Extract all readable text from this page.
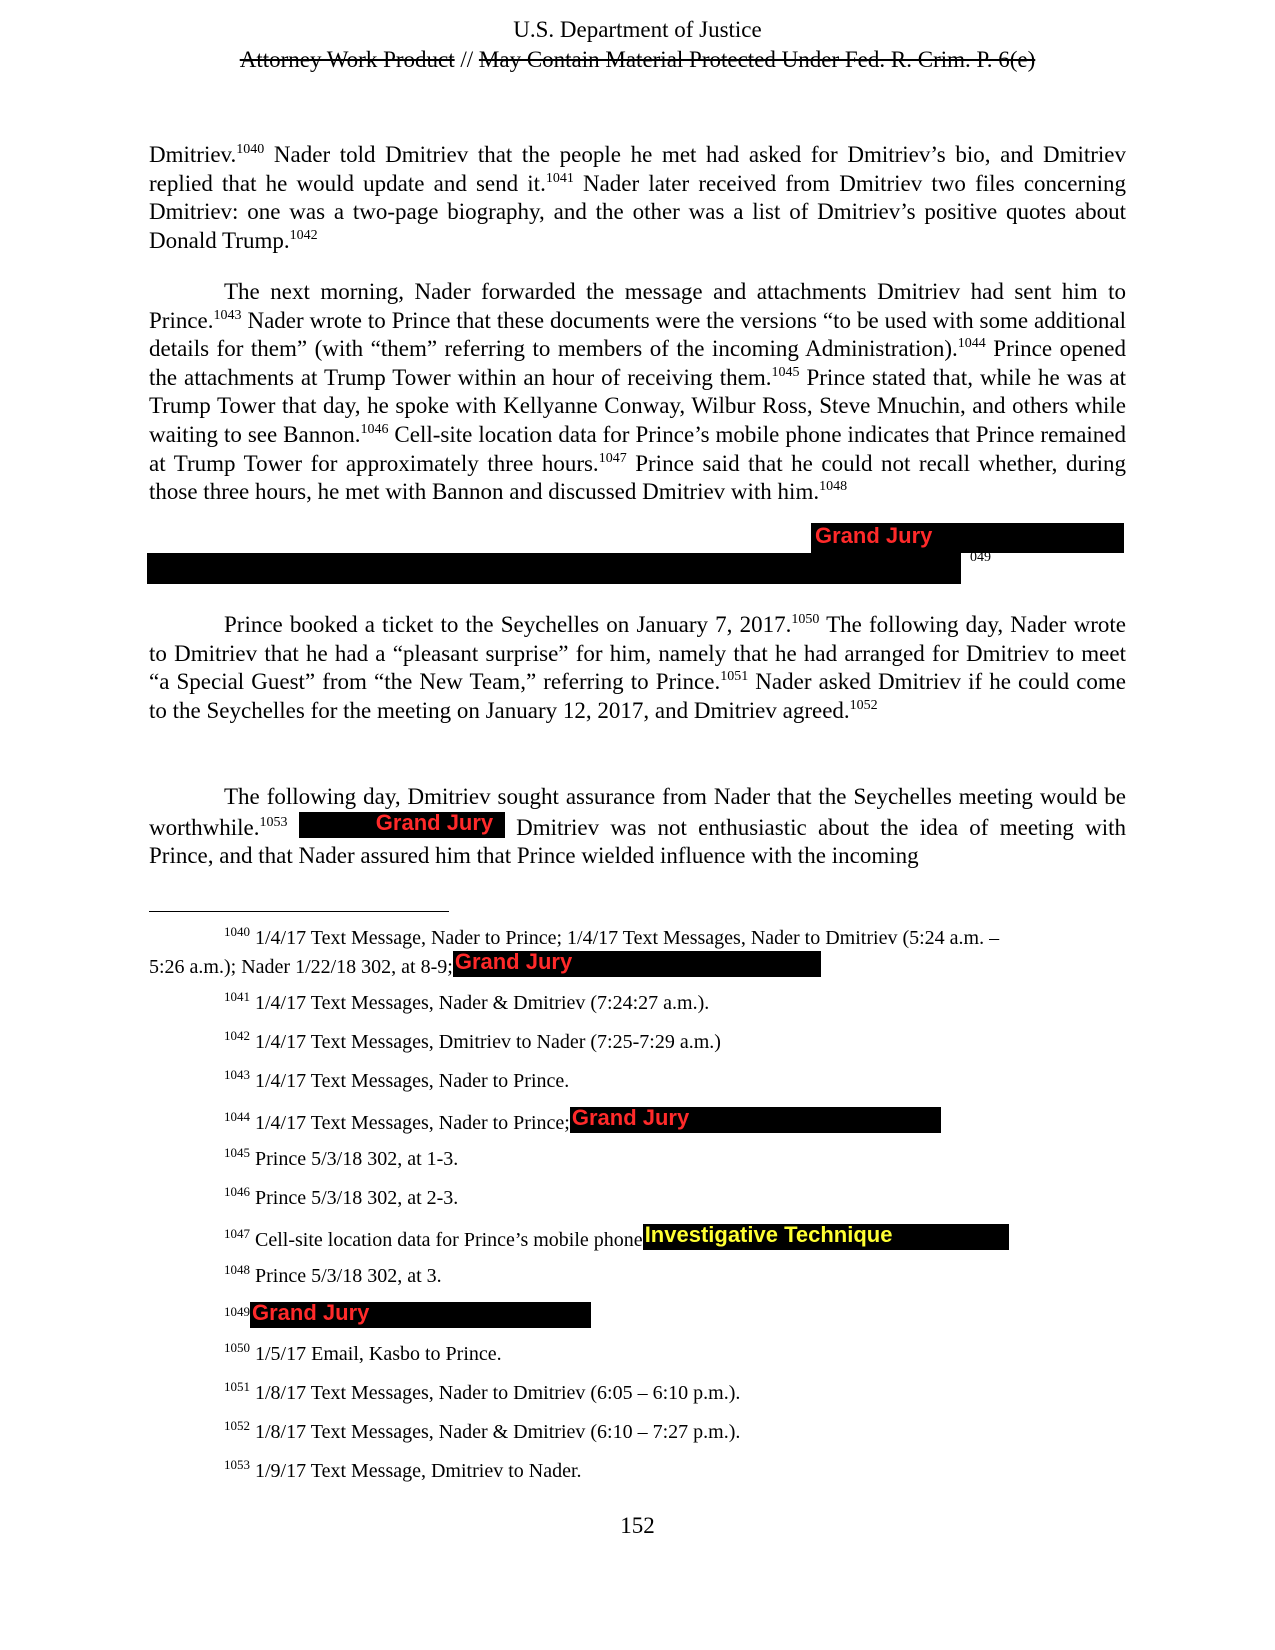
U.S. Department of Justice
Attorney Work Product // May Contain Material Protected Under Fed. R. Crim. P. 6(e)

Dmitriev.$^{1040}$ Nader told Dmitriev that the people he met had asked for Dmitriev’s bio, and Dmitriev replied that he would update and send it.$^{1041}$ Nader later received from Dmitriev two files concerning Dmitriev: one was a two-page biography, and the other was a list of Dmitriev’s positive quotes about Donald Trump.$^{1042}$

The next morning, Nader forwarded the message and attachments Dmitriev had sent him to Prince.$^{1043}$ Nader wrote to Prince that these documents were the versions “to be used with some additional details for them” (with “them” referring to members of the incoming Administration).$^{1044}$ Prince opened the attachments at Trump Tower within an hour of receiving them.$^{1045}$ Prince stated that, while he was at Trump Tower that day, he spoke with Kellyanne Conway, Wilbur Ross, Steve Mnuchin, and others while waiting to see Bannon.$^{1046}$ Cell-site location data for Prince’s mobile phone indicates that Prince remained at Trump Tower for approximately three hours.$^{1047}$ Prince said that he could not recall whether, during those three hours, he met with Bannon and discussed Dmitriev with him.$^{1048}$

Grand Jury
049

Prince booked a ticket to the Seychelles on January 7, 2017.$^{1050}$ The following day, Nader wrote to Dmitriev that he had a “pleasant surprise” for him, namely that he had arranged for Dmitriev to meet “a Special Guest” from “the New Team,” referring to Prince.$^{1051}$ Nader asked Dmitriev if he could come to the Seychelles for the meeting on January 12, 2017, and Dmitriev agreed.$^{1052}$

The following day, Dmitriev sought assurance from Nader that the Seychelles meeting would be worthwhile.$^{1053}$	Grand Jury Dmitriev was not enthusiastic about the idea of meeting with Prince, and that Nader assured him that Prince wielded influence with the incoming

$^{1040}$ 1/4/17 Text Message, Nader to Prince; 1/4/17 Text Messages, Nader to Dmitriev (5:24 a.m. –
5:26 a.m.); Nader 1/22/18 302, at 8-9; Grand Jury
$^{1041}$ 1/4/17 Text Messages, Nader & Dmitriev (7:24:27 a.m.).
$^{1042}$ 1/4/17 Text Messages, Dmitriev to Nader (7:25-7:29 a.m.)
$^{1043}$ 1/4/17 Text Messages, Nader to Prince.
$^{1044}$ 1/4/17 Text Messages, Nader to Prince; Grand Jury
$^{1045}$ Prince 5/3/18 302, at 1-3.
$^{1046}$ Prince 5/3/18 302, at 2-3.
$^{1047}$ Cell-site location data for Prince’s mobile phone Investigative Technique
$^{1048}$ Prince 5/3/18 302, at 3.
$^{1049}$ Grand Jury
$^{1050}$ 1/5/17 Email, Kasbo to Prince.
$^{1051}$ 1/8/17 Text Messages, Nader to Dmitriev (6:05 – 6:10 p.m.).
$^{1052}$ 1/8/17 Text Messages, Nader & Dmitriev (6:10 – 7:27 p.m.).
$^{1053}$ 1/9/17 Text Message, Dmitriev to Nader.
152
